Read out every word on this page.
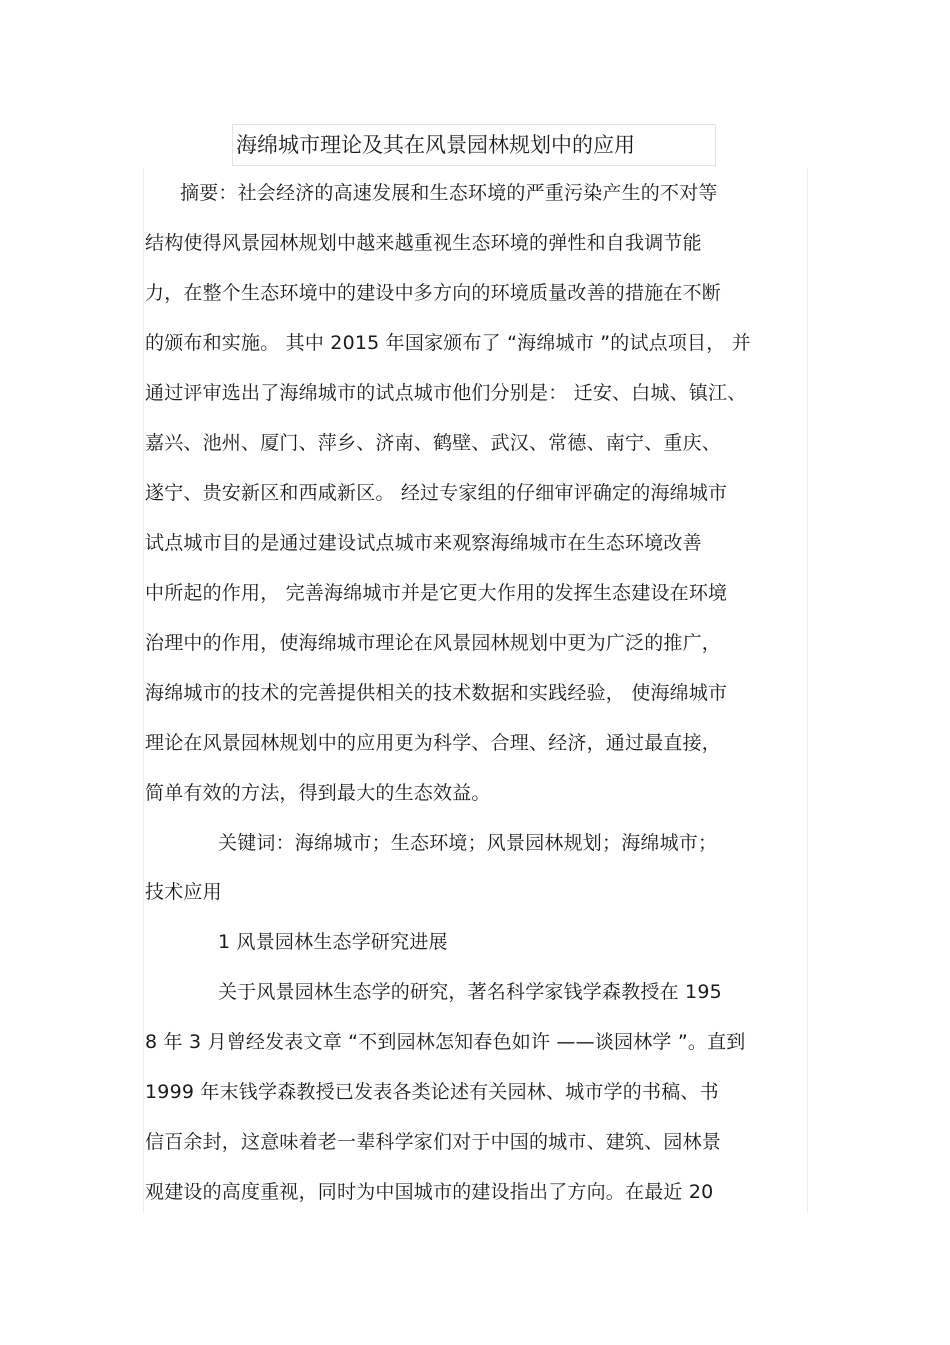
海绵城市理论及其在风景园林规划中的应用
摘要：社会经济的高速发展和生态环境的严重污染产生的不对等
结构使得风景园林规划中越来越重视生态环境的弹性和自我调节能
力，在整个生态环境中的建设中多方向的环境质量改善的措施在不断
的颁布和实施。 其中 2015 年国家颁布了 “海绵城市 ”的试点项目， 并
通过评审选出了海绵城市的试点城市他们分别是： 迁安、白城、镇江、
嘉兴、池州、厦门、萍乡、济南、鹤壁、武汉、常德、南宁、重庆、
遂宁、贵安新区和西咸新区。 经过专家组的仔细审评确定的海绵城市
试点城市目的是通过建设试点城市来观察海绵城市在生态环境改善
中所起的作用， 完善海绵城市并是它更大作用的发挥生态建设在环境
治理中的作用，使海绵城市理论在风景园林规划中更为广泛的推广，
海绵城市的技术的完善提供相关的技术数据和实践经验， 使海绵城市
理论在风景园林规划中的应用更为科学、合理、经济，通过最直接，
简单有效的方法，得到最大的生态效益。
关键词：海绵城市；生态环境；风景园林规划；海绵城市；
技术应用
1 风景园林生态学研究进展
关于风景园林生态学的研究，著名科学家钱学森教授在 195
8 年 3 月曾经发表文章 “不到园林怎知春色如许 ——谈园林学 ”。直到
1999 年末钱学森教授已发表各类论述有关园林、城市学的书稿、书
信百余封，这意味着老一辈科学家们对于中国的城市、建筑、园林景
观建设的高度重视，同时为中国城市的建设指出了方向。在最近 20
